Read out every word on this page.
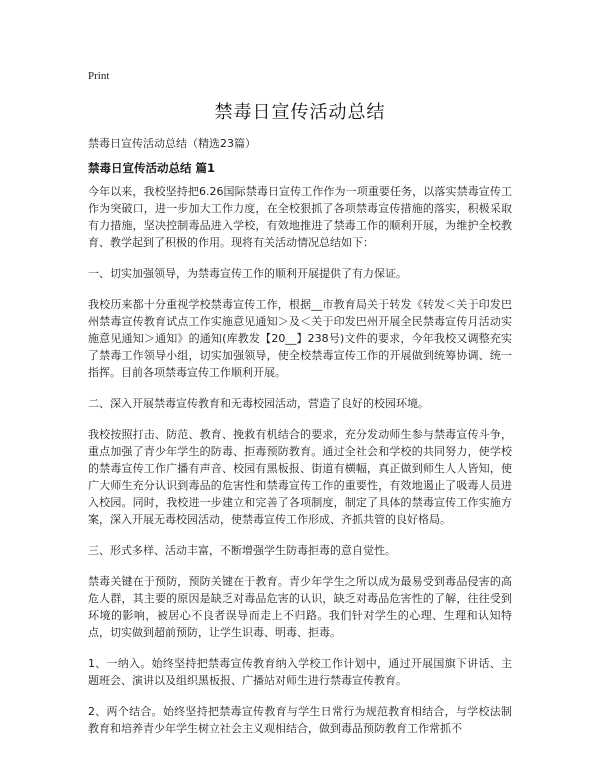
Print
禁毒日宣传活动总结
禁毒日宣传活动总结（精选23篇）
禁毒日宣传活动总结 篇1

今年以来，我校坚持把6.26国际禁毒日宣传工作作为一项重要任务，以落实禁毒宣传工作为突破口，进一步加大工作力度，在全校狠抓了各项禁毒宣传措施的落实，积极采取有力措施，坚决控制毒品进入学校，有效地推进了禁毒工作的顺利开展，为维护全校教育、教学起到了积极的作用。现将有关活动情况总结如下：

一、切实加强领导，为禁毒宣传工作的顺利开展提供了有力保证。

我校历来都十分重视学校禁毒宣传工作，根据__市教育局关于转发《转发＜关于印发巴州禁毒宣传教育试点工作实施意见通知＞及＜关于印发巴州开展全民禁毒宣传月活动实施意见通知＞通知》的通知(库教发【20__】238号)文件的要求，今年我校又调整充实了禁毒工作领导小组，切实加强领导，使全校禁毒宣传工作的开展做到统筹协调、统一指挥。目前各项禁毒宣传工作顺利开展。

二、深入开展禁毒宣传教育和无毒校园活动，营造了良好的校园环境。

我校按照打击、防范、教育、挽救有机结合的要求，充分发动师生参与禁毒宣传斗争，重点加强了青少年学生的防毒、拒毒预防教育。通过全社会和学校的共同努力，使学校的禁毒宣传工作广播有声音、校园有黑板报、街道有横幅，真正做到师生人人皆知，使广大师生充分认识到毒品的危害性和禁毒宣传工作的重要性，有效地遏止了吸毒人员进入校园。同时，我校进一步建立和完善了各项制度，制定了具体的禁毒宣传工作实施方案，深入开展无毒校园活动，使禁毒宣传工作形成、齐抓共管的良好格局。

三、形式多样、活动丰富，不断增强学生防毒拒毒的意自觉性。

禁毒关键在于预防，预防关键在于教育。青少年学生之所以成为最易受到毒品侵害的高危人群，其主要的原因是缺乏对毒品危害的认识，缺乏对毒品危害性的了解，往往受到环境的影响，被居心不良者误导而走上不归路。我们针对学生的心理、生理和认知特点，切实做到超前预防，让学生识毒、明毒、拒毒。

1、一纳入。始终坚持把禁毒宣传教育纳入学校工作计划中，通过开展国旗下讲话、主题班会、演讲以及组织黑板报、广播站对师生进行禁毒宣传教育。

2、两个结合。始终坚持把禁毒宣传教育与学生日常行为规范教育相结合，与学校法制教育和培养青少年学生树立社会主义观相结合，做到毒品预防教育工作常抓不
